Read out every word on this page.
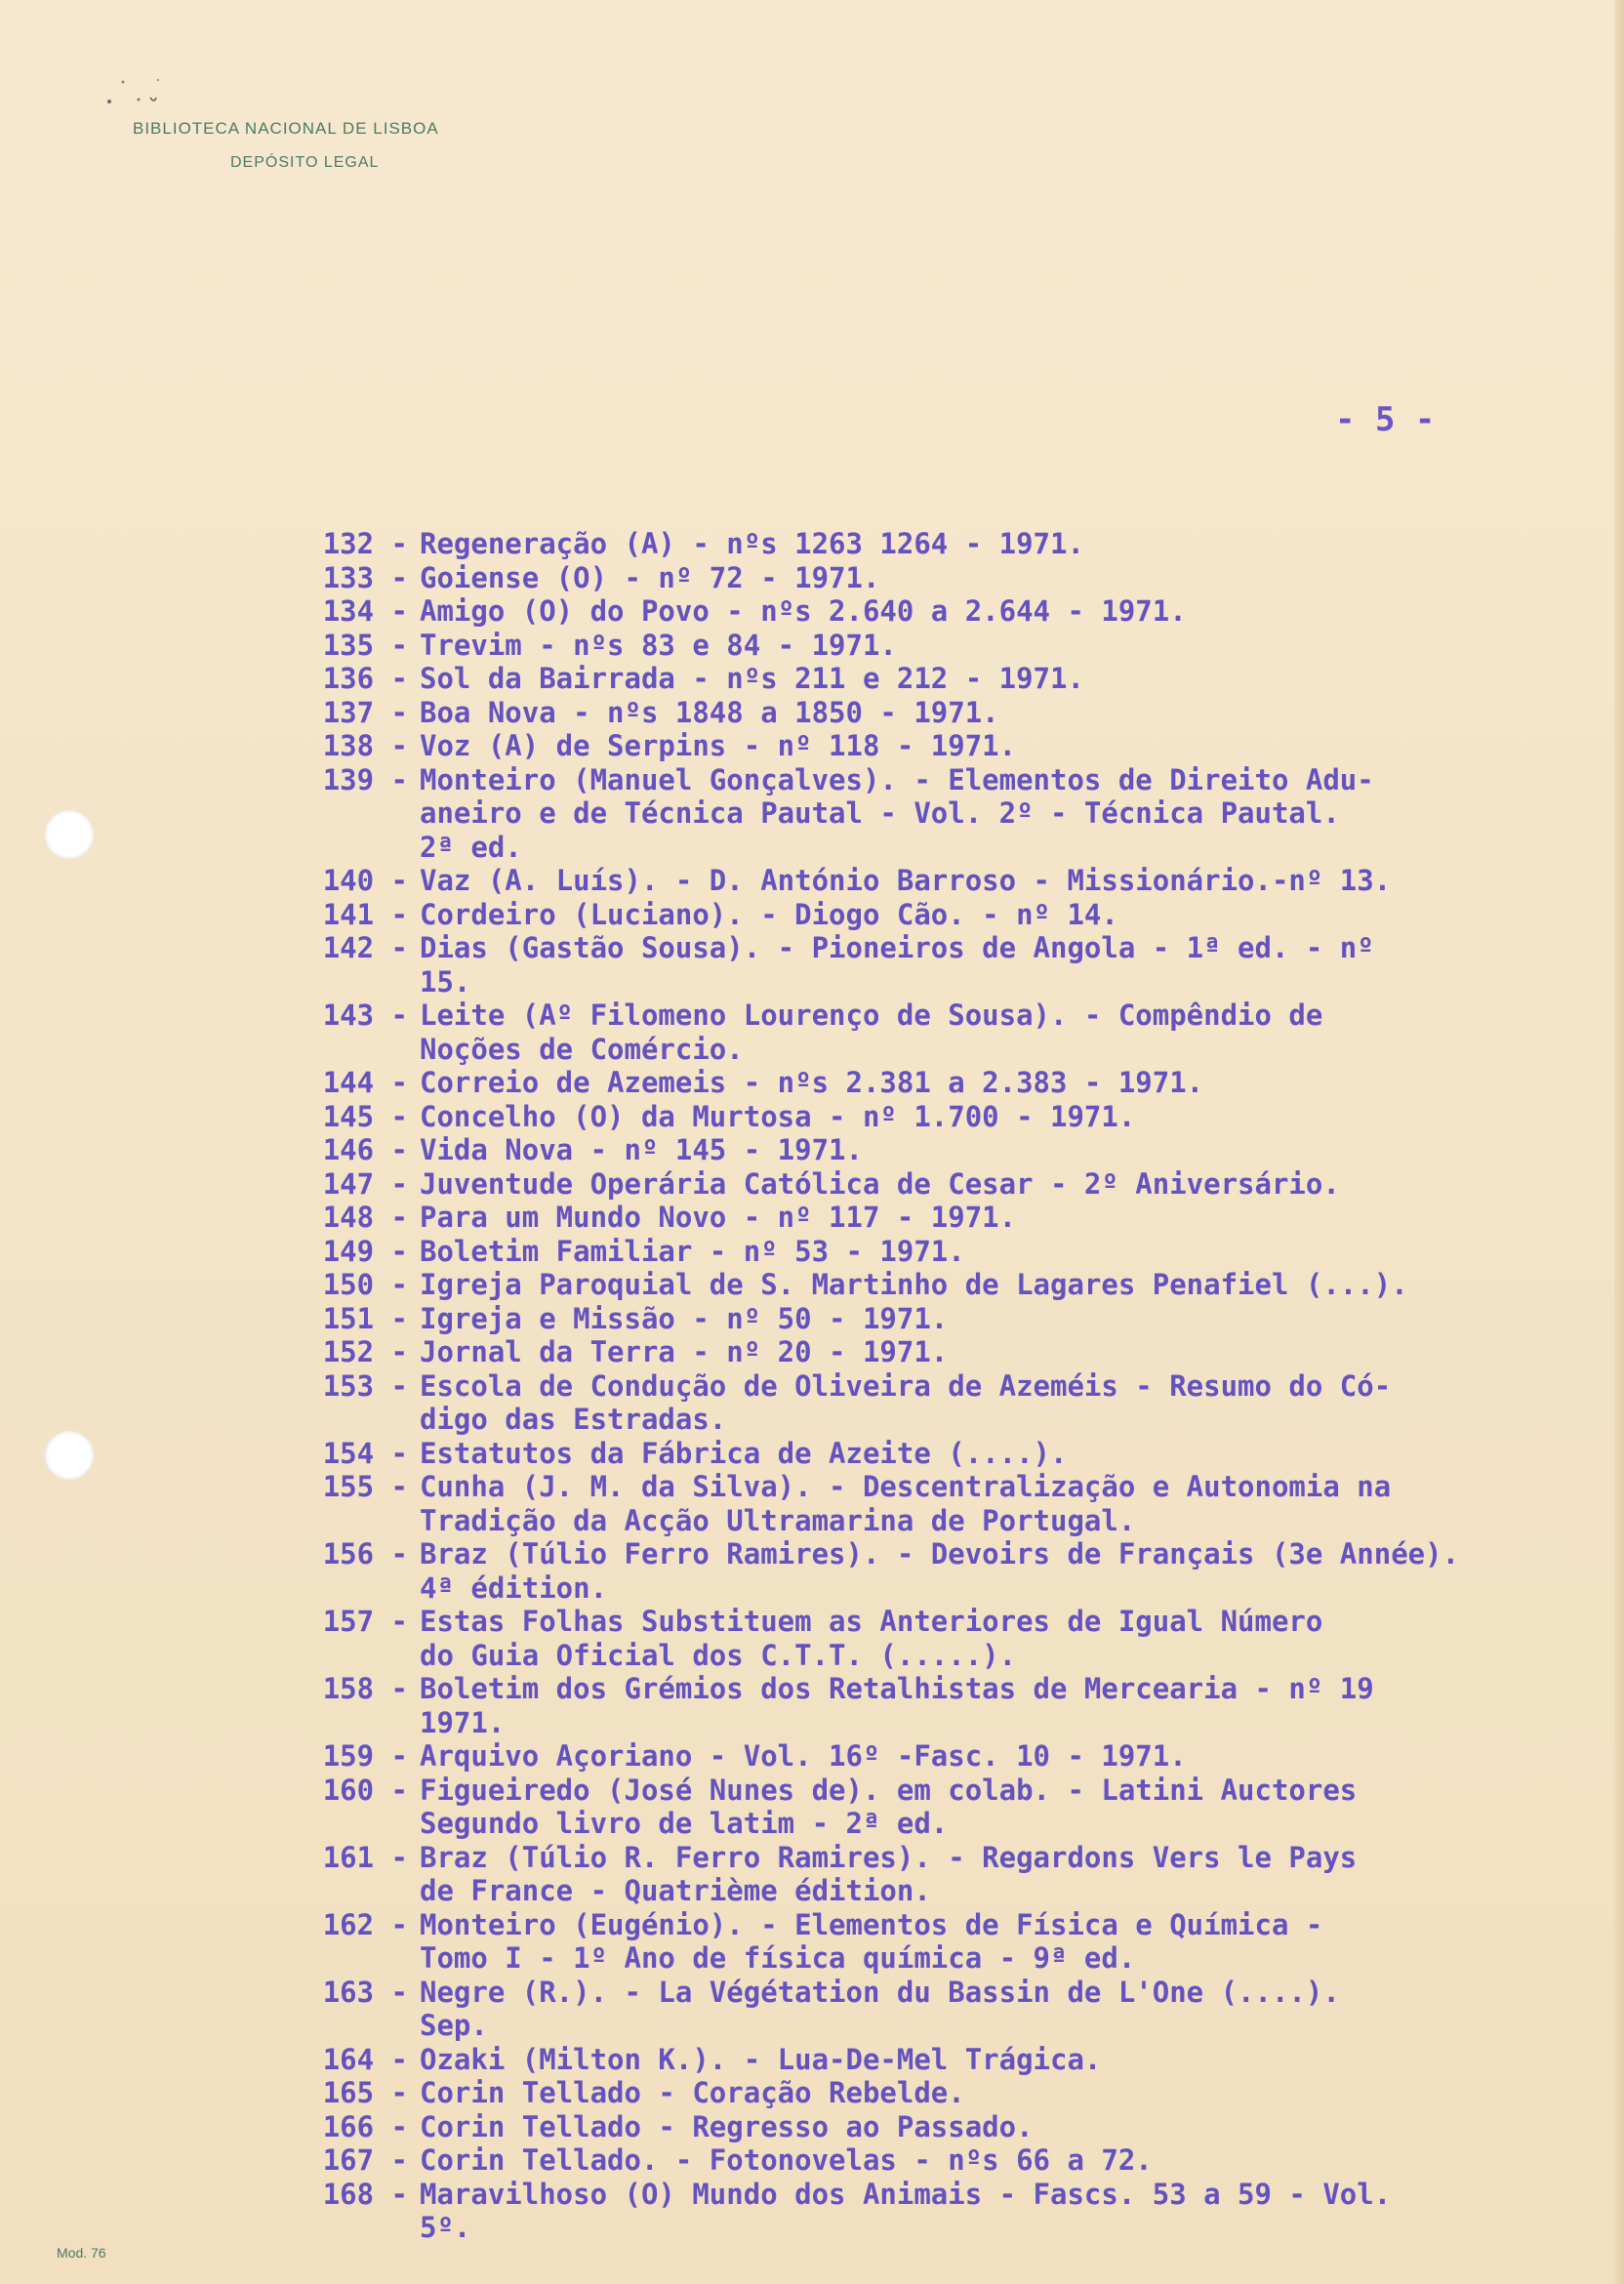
BIBLIOTECA NACIONAL DE LISBOA
DEPÓSITO LEGAL
- 5 -
132 - Regeneração (A) - nºs 1263 1264 - 1971.
133 - Goiense (O) - nº 72 - 1971.
134 - Amigo (O) do Povo - nºs 2.640 a 2.644 - 1971.
135 - Trevim - nºs 83 e 84 - 1971.
136 - Sol da Bairrada - nºs 211 e 212 - 1971.
137 - Boa Nova - nºs 1848 a 1850 - 1971.
138 - Voz (A) de Serpins - nº 118 - 1971.
139 - Monteiro (Manuel Gonçalves). - Elementos de Direito Adu-
aneiro e de Técnica Pautal - Vol. 2º - Técnica Pautal.
2ª ed.
140 - Vaz (A. Luís). - D. António Barroso - Missionário.-nº 13.
141 - Cordeiro (Luciano). - Diogo Cão. - nº 14.
142 - Dias (Gastão Sousa). - Pioneiros de Angola - 1ª ed. - nº
15.
143 - Leite (Aº Filomeno Lourenço de Sousa). - Compêndio de
Noções de Comércio.
144 - Correio de Azemeis - nºs 2.381 a 2.383 - 1971.
145 - Concelho (O) da Murtosa - nº 1.700 - 1971.
146 - Vida Nova - nº 145 - 1971.
147 - Juventude Operária Católica de Cesar - 2º Aniversário.
148 - Para um Mundo Novo - nº 117 - 1971.
149 - Boletim Familiar - nº 53 - 1971.
150 - Igreja Paroquial de S. Martinho de Lagares Penafiel (...).
151 - Igreja e Missão - nº 50 - 1971.
152 - Jornal da Terra - nº 20 - 1971.
153 - Escola de Condução de Oliveira de Azeméis - Resumo do Có-
digo das Estradas.
154 - Estatutos da Fábrica de Azeite (....).
155 - Cunha (J. M. da Silva). - Descentralização e Autonomia na
Tradição da Acção Ultramarina de Portugal.
156 - Braz (Túlio Ferro Ramires). - Devoirs de Français (3e Année).
4ª édition.
157 - Estas Folhas Substituem as Anteriores de Igual Número
do Guia Oficial dos C.T.T. (.....).
158 - Boletim dos Grémios dos Retalhistas de Mercearia - nº 19
1971.
159 - Arquivo Açoriano - Vol. 16º -Fasc. 10 - 1971.
160 - Figueiredo (José Nunes de). em colab. - Latini Auctores
Segundo livro de latim - 2ª ed.
161 - Braz (Túlio R. Ferro Ramires). - Regardons Vers le Pays
de France - Quatrième édition.
162 - Monteiro (Eugénio). - Elementos de Física e Química -
Tomo I - 1º Ano de física química - 9ª ed.
163 - Negre (R.). - La Végétation du Bassin de L'One (....).
Sep.
164 - Ozaki (Milton K.). - Lua-De-Mel Trágica.
165 - Corin Tellado - Coração Rebelde.
166 - Corin Tellado - Regresso ao Passado.
167 - Corin Tellado. - Fotonovelas - nºs 66 a 72.
168 - Maravilhoso (O) Mundo dos Animais - Fascs. 53 a 59 - Vol.
5º.
Mod. 76
